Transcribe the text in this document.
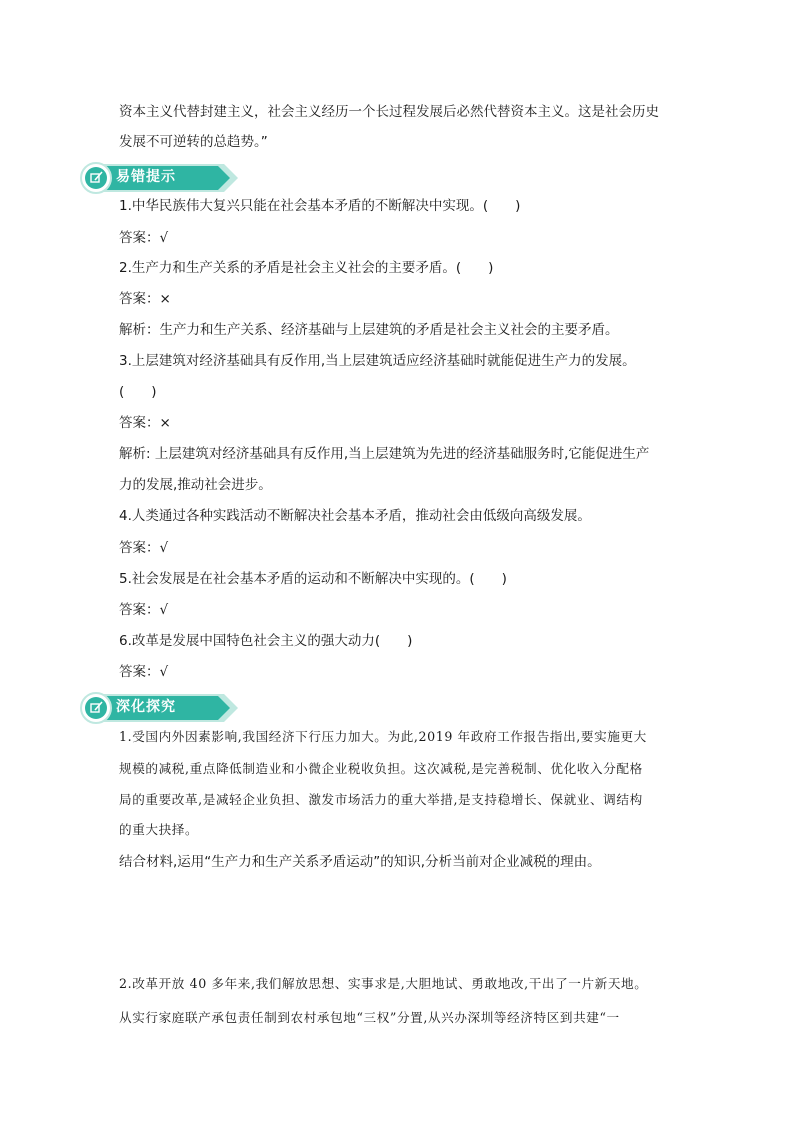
资本主义代替封建主义，社会主义经历一个长过程发展后必然代替资本主义。这是社会历史
发展不可逆转的总趋势。”
易错提示
1.中华民族伟大复兴只能在社会基本矛盾的不断解决中实现。(　　)
答案：√
2.生产力和生产关系的矛盾是社会主义社会的主要矛盾。(　　)
答案：×
解析：生产力和生产关系、经济基础与上层建筑的矛盾是社会主义社会的主要矛盾。
3.上层建筑对经济基础具有反作用,当上层建筑适应经济基础时就能促进生产力的发展。
(　　)
答案：×
解析: 上层建筑对经济基础具有反作用,当上层建筑为先进的经济基础服务时,它能促进生产
力的发展,推动社会进步。
4.人类通过各种实践活动不断解决社会基本矛盾，推动社会由低级向高级发展。
答案：√
5.社会发展是在社会基本矛盾的运动和不断解决中实现的。(　　)
答案：√
6.改革是发展中国特色社会主义的强大动力(　　)
答案：√
深化探究
1.受国内外因素影响,我国经济下行压力加大。为此,2019 年政府工作报告指出,要实施更大
规模的减税,重点降低制造业和小微企业税收负担。这次减税,是完善税制、优化收入分配格
局的重要改革,是减轻企业负担、激发市场活力的重大举措,是支持稳增长、保就业、调结构
的重大抉择。
结合材料,运用“生产力和生产关系矛盾运动”的知识,分析当前对企业减税的理由。
2.改革开放 40 多年来,我们解放思想、实事求是,大胆地试、勇敢地改,干出了一片新天地。
从实行家庭联产承包责任制到农村承包地“三权”分置,从兴办深圳等经济特区到共建“一
